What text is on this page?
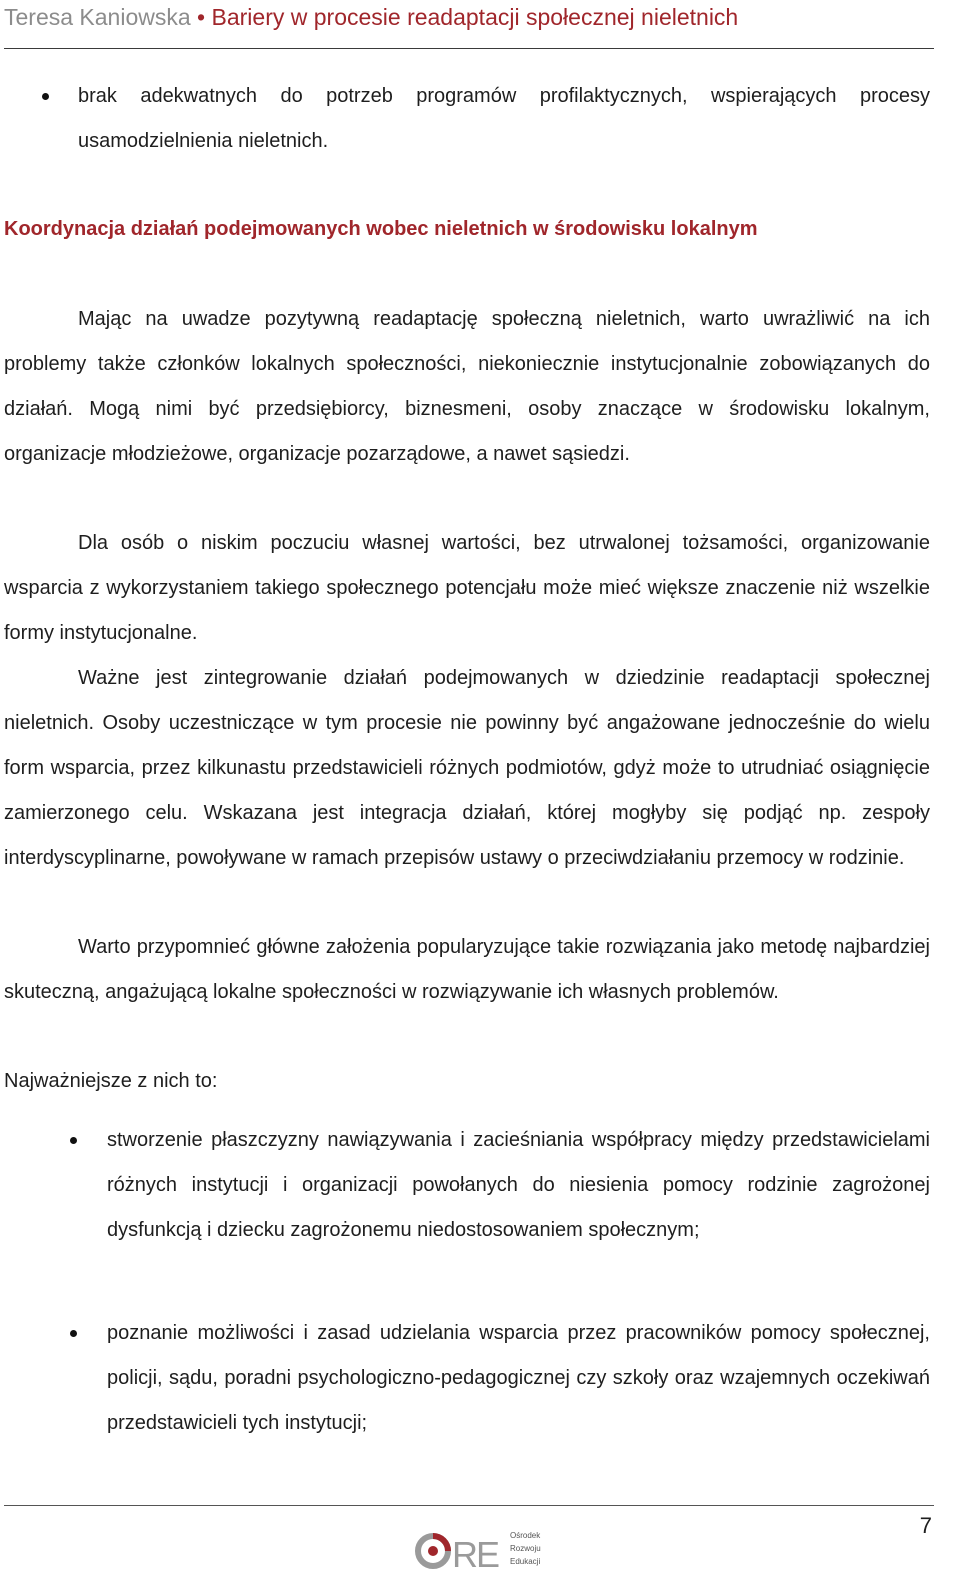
Teresa Kaniowska • Bariery w procesie readaptacji społecznej nieletnich
brak adekwatnych do potrzeb programów profilaktycznych, wspierających procesy usamodzielnienia nieletnich.
Koordynacja działań podejmowanych wobec nieletnich w środowisku lokalnym
Mając na uwadze pozytywną readaptację społeczną nieletnich, warto uwrażliwić na ich problemy także członków lokalnych społeczności, niekoniecznie instytucjonalnie zobowiązanych do działań. Mogą nimi być przedsiębiorcy, biznesmeni, osoby znaczące w środowisku lokalnym, organizacje młodzieżowe, organizacje pozarządowe, a nawet sąsiedzi.
Dla osób o niskim poczuciu własnej wartości, bez utrwalonej tożsamości, organizowanie wsparcia z wykorzystaniem takiego społecznego potencjału może mieć większe znaczenie niż wszelkie formy instytucjonalne.
Ważne jest zintegrowanie działań podejmowanych w dziedzinie readaptacji społecznej nieletnich. Osoby uczestniczące w tym procesie nie powinny być angażowane jednocześnie do wielu form wsparcia, przez kilkunastu przedstawicieli różnych podmiotów, gdyż może to utrudniać osiągnięcie zamierzonego celu. Wskazana jest integracja działań, której mogłyby się podjąć np. zespoły interdyscyplinarne, powoływane w ramach przepisów ustawy o przeciwdziałaniu przemocy w rodzinie.
Warto przypomnieć główne założenia popularyzujące takie rozwiązania jako metodę najbardziej skuteczną, angażującą lokalne społeczności w rozwiązywanie ich własnych problemów.
Najważniejsze z nich to:
stworzenie płaszczyzny nawiązywania i zacieśniania współpracy między przedstawicielami różnych instytucji i organizacji powołanych do niesienia pomocy rodzinie zagrożonej dysfunkcją i dziecku zagrożonemu niedostosowaniem społecznym;
poznanie możliwości i zasad udzielania wsparcia przez pracowników pomocy społecznej, policji, sądu, poradni psychologiczno-pedagogicznej czy szkoły oraz wzajemnych oczekiwań przedstawicieli tych instytucji;
7
R
E Ośrodek
Rozwoju
Edukacji
